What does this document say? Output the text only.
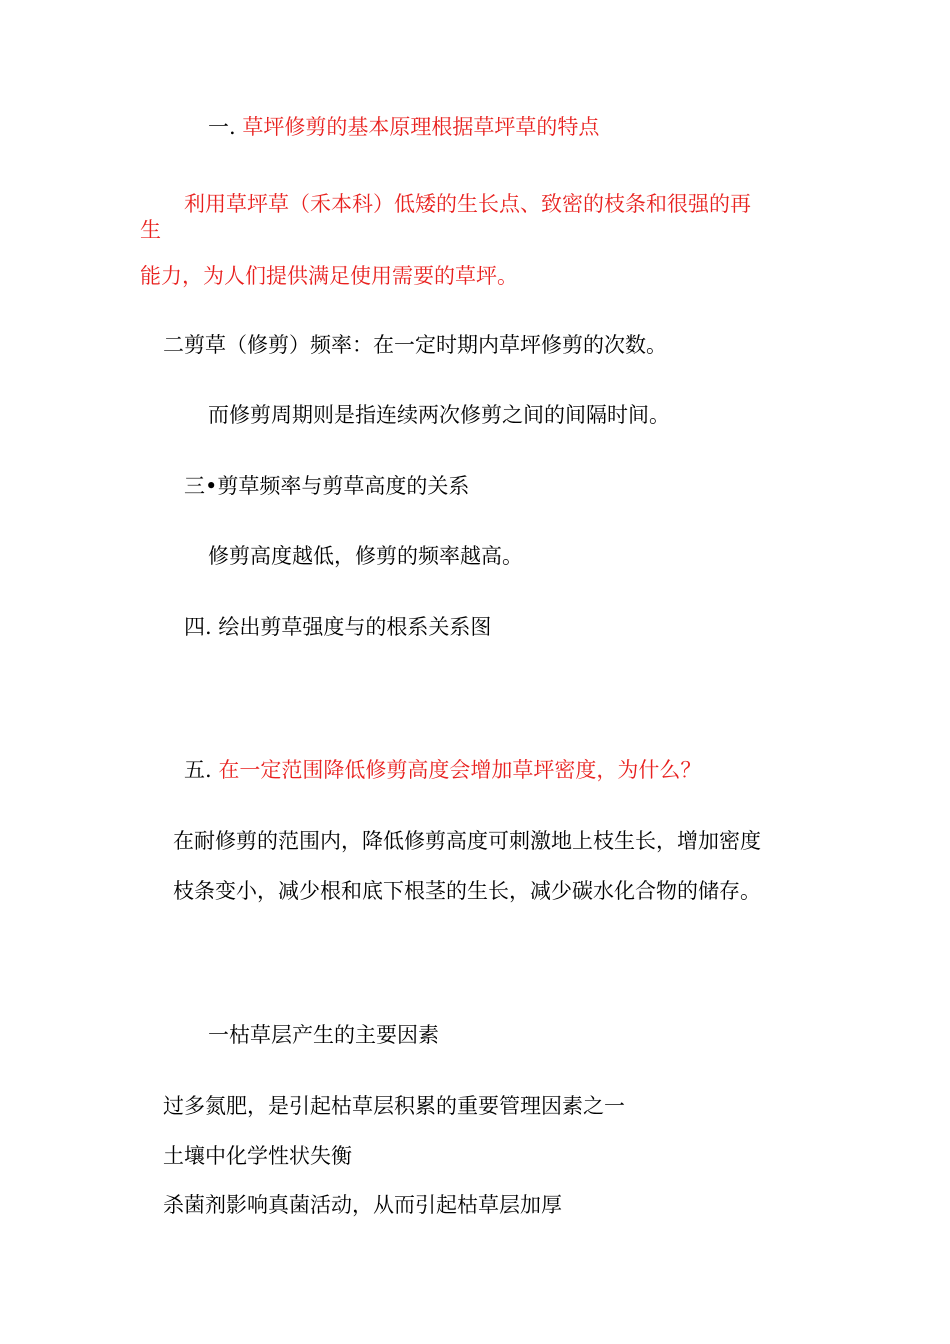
一. 草坪修剪的基本原理根据草坪草的特点
利用草坪草（禾本科）低矮的生长点、致密的枝条和很强的再
生
能力，为人们提供满足使用需要的草坪。
二剪草（修剪）频率：在一定时期内草坪修剪的次数。
而修剪周期则是指连续两次修剪之间的间隔时间。
三•剪草频率与剪草高度的关系
修剪高度越低，修剪的频率越高。
四. 绘出剪草强度与的根系关系图
五. 在一定范围降低修剪高度会增加草坪密度，为什么？
在耐修剪的范围内，降低修剪高度可刺激地上枝生长，增加密度
枝条变小，减少根和底下根茎的生长，减少碳水化合物的储存。
一枯草层产生的主要因素
过多氮肥，是引起枯草层积累的重要管理因素之一
土壤中化学性状失衡
杀菌剂影响真菌活动，从而引起枯草层加厚
